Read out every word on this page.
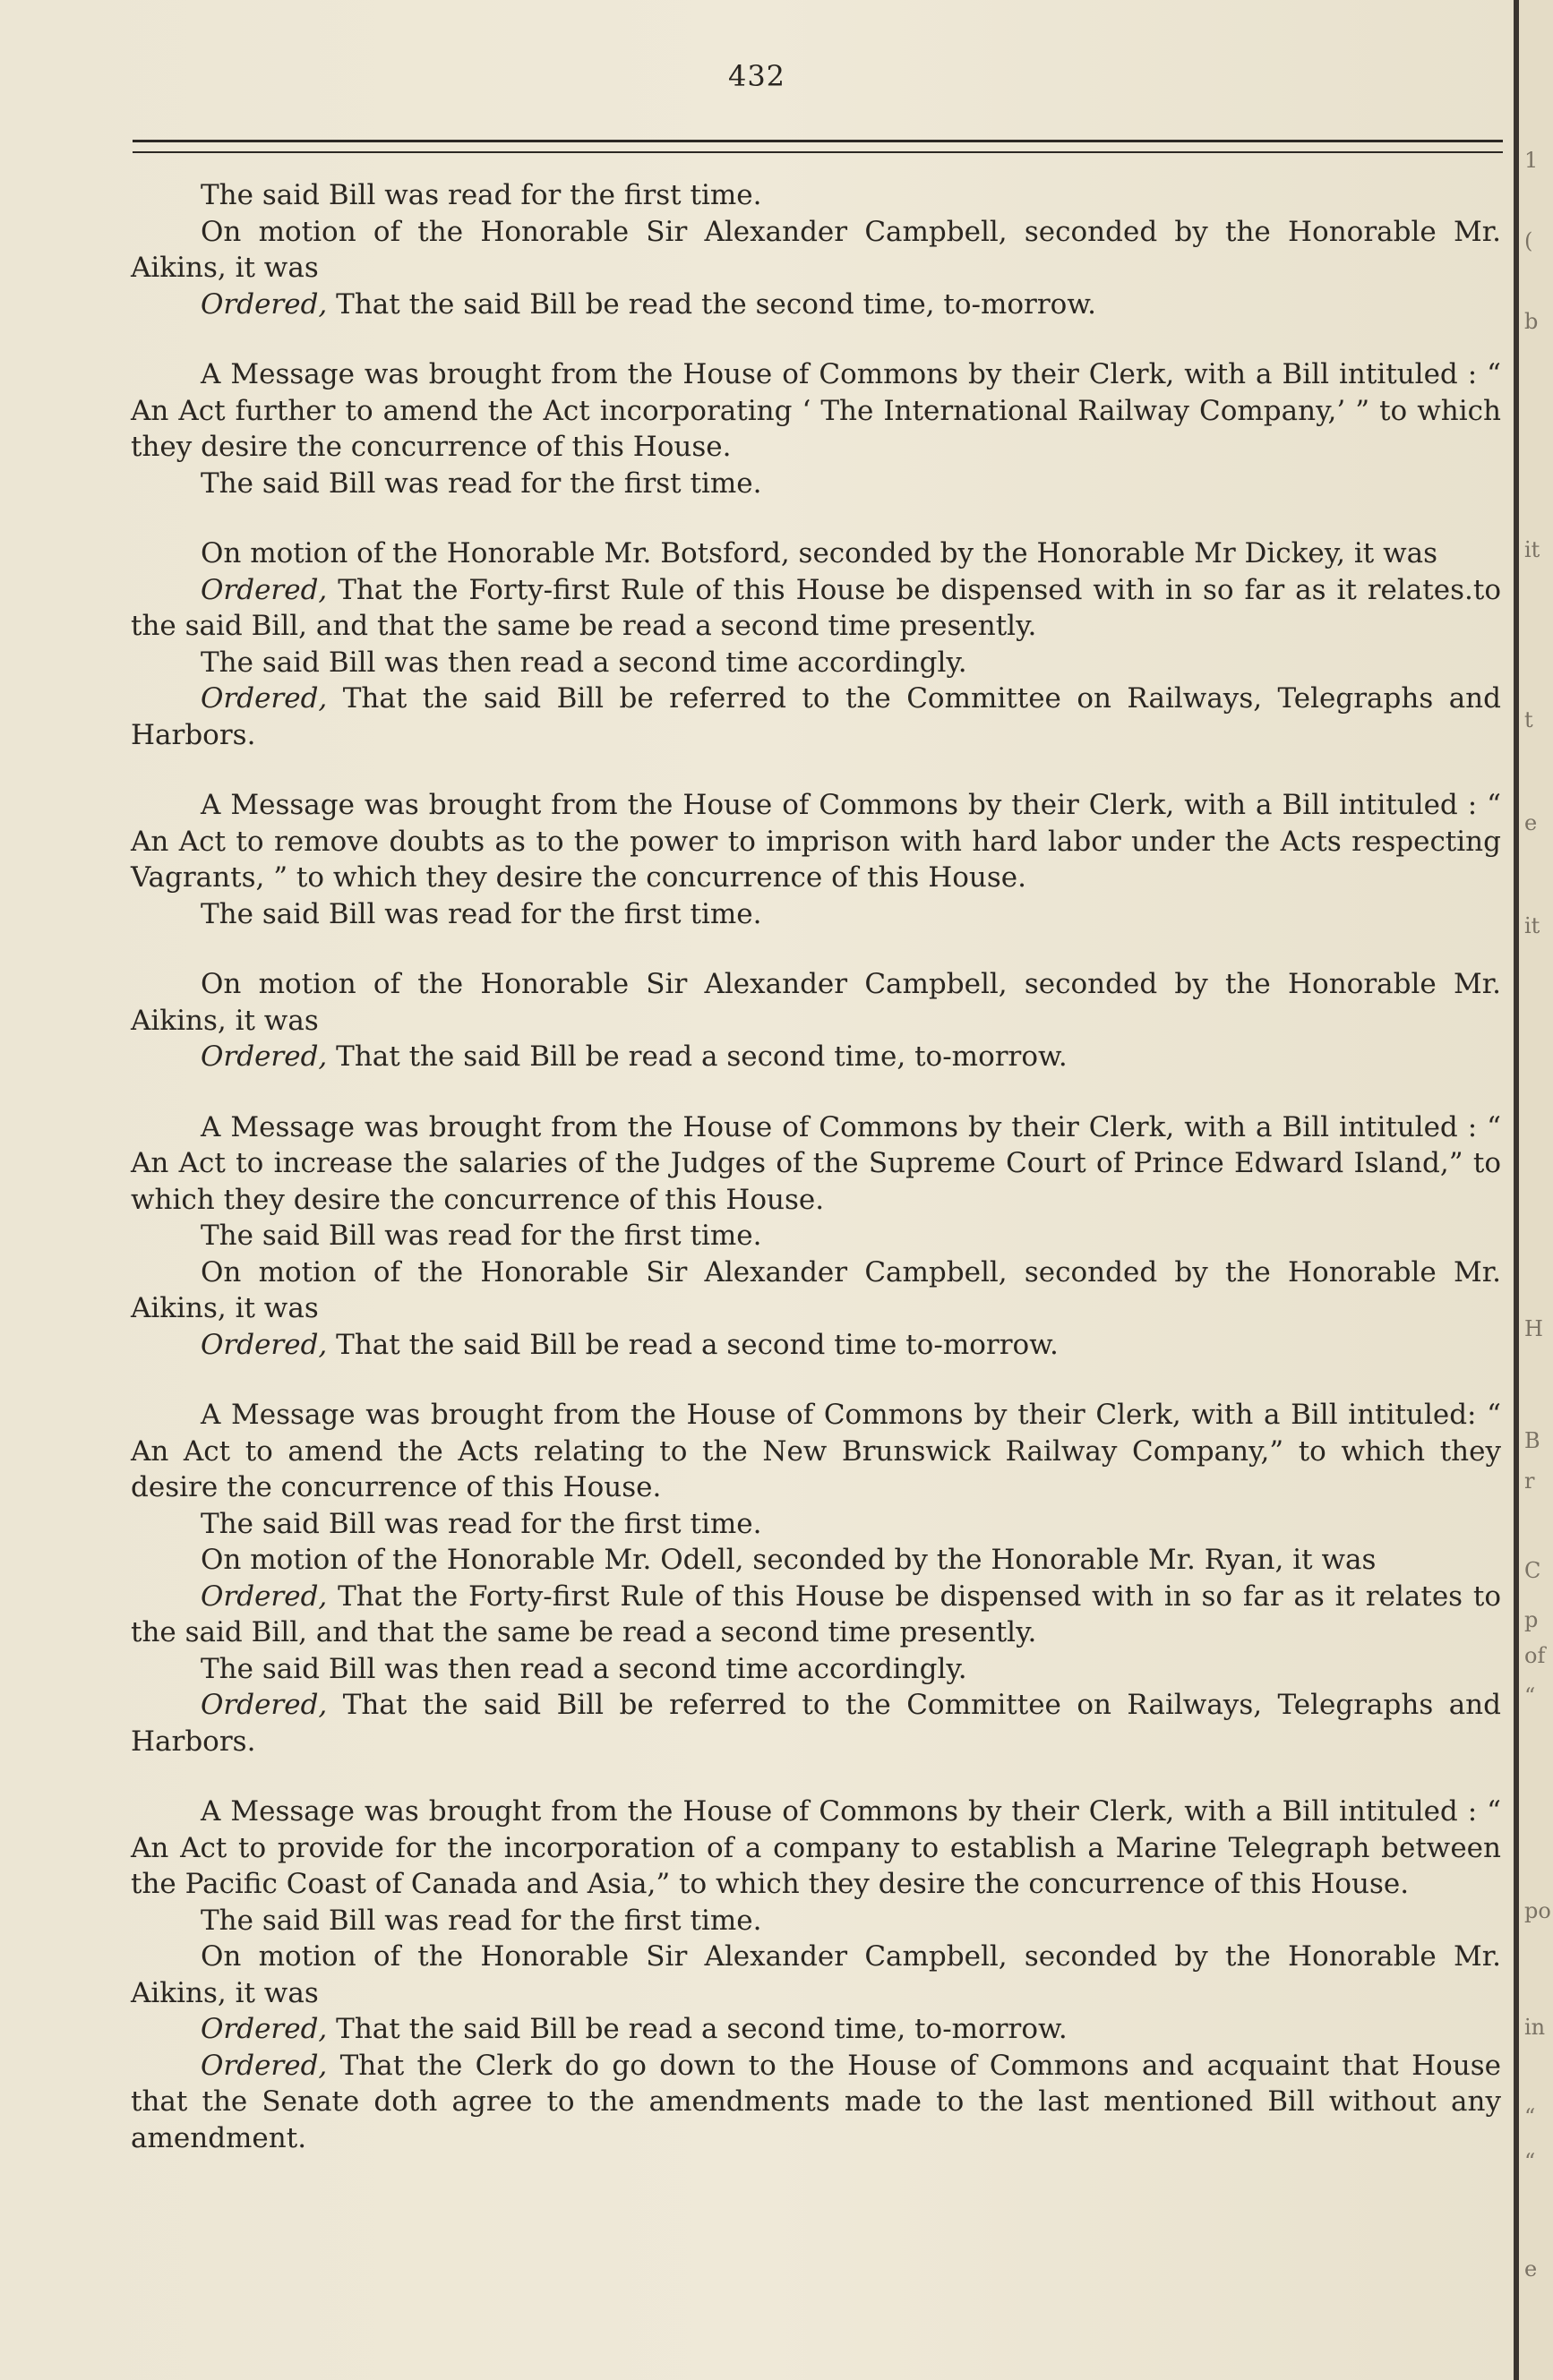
432

The said Bill was read for the first time.

On motion of the Honorable Sir Alexander Campbell, seconded by the Honorable Mr. Aikins, it was

Ordered, That the said Bill be read the second time, to-morrow.

A Message was brought from the House of Commons by their Clerk, with a Bill intituled : “ An Act further to amend the Act incorporating ‘ The International Railway Company,’ ” to which they desire the concurrence of this House.

The said Bill was read for the first time.

On motion of the Honorable Mr. Botsford, seconded by the Honorable Mr Dickey, it was

Ordered, That the Forty-first Rule of this House be dispensed with in so far as it relates.to the said Bill, and that the same be read a second time presently.

The said Bill was then read a second time accordingly.

Ordered, That the said Bill be referred to the Committee on Railways, Telegraphs and Harbors.

A Message was brought from the House of Commons by their Clerk, with a Bill intituled : “ An Act to remove doubts as to the power to imprison with hard labor under the Acts respecting Vagrants, ” to which they desire the concurrence of this House.

The said Bill was read for the first time.

On motion of the Honorable Sir Alexander Campbell, seconded by the Honorable Mr. Aikins, it was

Ordered, That the said Bill be read a second time, to-morrow.

A Message was brought from the House of Commons by their Clerk, with a Bill intituled : “ An Act to increase the salaries of the Judges of the Supreme Court of Prince Edward Island,” to which they desire the concurrence of this House.

The said Bill was read for the first time.

On motion of the Honorable Sir Alexander Campbell, seconded by the Honorable Mr. Aikins, it was

Ordered, That the said Bill be read a second time to-morrow.

A Message was brought from the House of Commons by their Clerk, with a Bill intituled: “ An Act to amend the Acts relating to the New Brunswick Railway Company,” to which they desire the concurrence of this House.

The said Bill was read for the first time.

On motion of the Honorable Mr. Odell, seconded by the Honorable Mr. Ryan, it was

Ordered, That the Forty-first Rule of this House be dispensed with in so far as it relates to the said Bill, and that the same be read a second time presently.

The said Bill was then read a second time accordingly.

Ordered, That the said Bill be referred to the Committee on Railways, Telegraphs and Harbors.

A Message was brought from the House of Commons by their Clerk, with a Bill intituled : “ An Act to provide for the incorporation of a company to establish a Marine Telegraph between the Pacific Coast of Canada and Asia,” to which they desire the concurrence of this House.

The said Bill was read for the first time.

On motion of the Honorable Sir Alexander Campbell, seconded by the Honorable Mr. Aikins, it was

Ordered, That the said Bill be read a second time, to-morrow.

Ordered, That the Clerk do go down to the House of Commons and acquaint that House that the Senate doth agree to the amendments made to the last mentioned Bill without any amendment.

1
(
b
it
t
e
it
H
B
r
C
p
of
“
po
in
“
“
e
